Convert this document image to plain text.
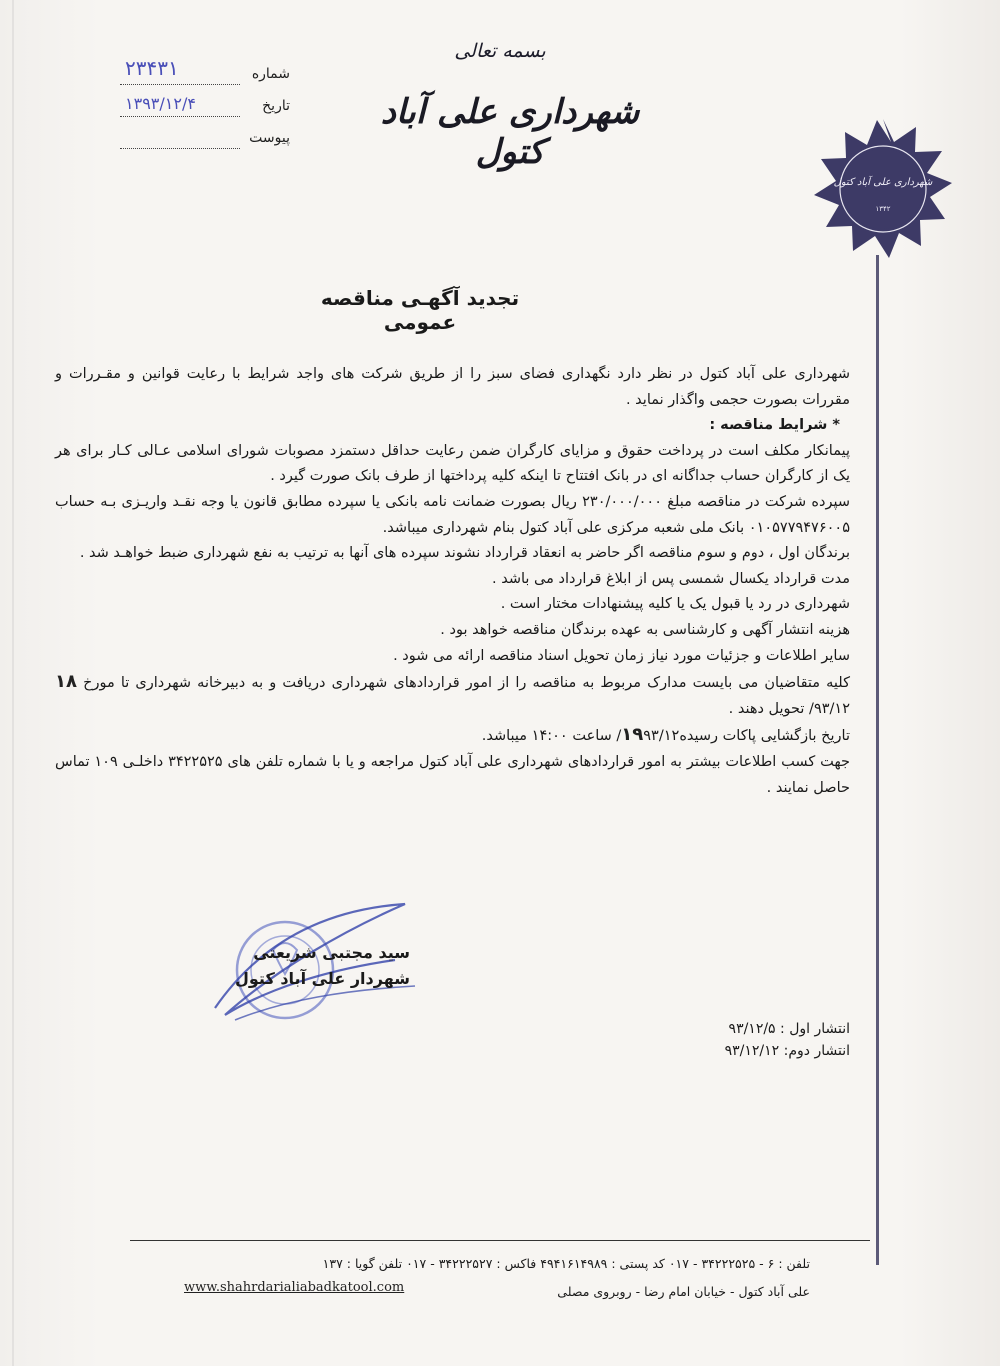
بسمه تعالی
شهرداری علی آباد کتول
شماره
۲۳۴۳۱
تاریخ
۱۳۹۳/۱۲/۴
پیوست
شهرداری علی آباد کتول
۱۳۴۲
تجدید آگهـی مناقصه عمومی

شهرداری علی آباد کتول در نظر دارد نگهداری فضای سبز را از طریق شرکت های واجد شرایط با رعایت قوانین و مقـررات و مقررات بصورت حجمی واگذار نماید .

* شرایط مناقصه :

پیمانکار مکلف است در پرداخت حقوق و مزایای کارگران ضمن رعایت حداقل دستمزد مصوبات شورای اسلامی عـالی کـار برای هر یک از کارگران حساب جداگانه ای در بانک افتتاح تا اینکه کلیه پرداختها از طرف بانک صورت گیرد .

سپرده شرکت در مناقصه مبلغ ۲۳۰/۰۰۰/۰۰۰ ریال بصورت ضمانت نامه بانکی یا سپرده مطابق قانون یا وجه نقـد واریـزی بـه حساب ۰۱۰۵۷۷۹۴۷۶۰۰۵ بانک ملی شعبه مرکزی علی آباد کتول بنام شهرداری میباشد.

برندگان اول ، دوم و سوم مناقصه اگر حاضر به انعقاد قرارداد نشوند سپرده های آنها به ترتیب به نفع شهرداری ضبط خواهـد شد .

مدت قرارداد یکسال شمسی پس از ابلاغ قرارداد می باشد .

شهرداری در رد یا قبول یک یا کلیه پیشنهادات مختار است .

هزینه انتشار آگهی و کارشناسی به عهده برندگان مناقصه خواهد بود .

سایر اطلاعات و جزئیات مورد نیاز زمان تحویل اسناد مناقصه ارائه می شود .

کلیه متقاضیان می بایست مدارک مربوط به مناقصه را از امور قراردادهای شهرداری دریافت و به دبیرخانه شهرداری تا مورخ ۱۸ ۹۳/۱۲/ تحویل دهند .

تاریخ بازگشایی پاکات رسیده۱۹۹۳/۱۲/ ساعت ۱۴:۰۰ میباشد.

جهت کسب اطلاعات بیشتر به امور قراردادهای شهرداری علی آباد کتول مراجعه و یا با شماره تلفن های ۳۴۲۲۵۲۵ داخلـی ۱۰۹ تماس حاصل نمایند .

سید مجتبی شریعتی
شهردار علی آباد کتول
انتشار اول : ۹۳/۱۲/۵
انتشار دوم: ۹۳/۱۲/۱۲
تلفن : ۶ - ۳۴۲۲۲۵۲۵ - ۰۱۷ کد پستی : ۴۹۴۱۶۱۴۹۸۹ فاکس : ۳۴۲۲۲۵۲۷ - ۰۱۷ تلفن گویا : ۱۳۷
علی آباد کتول - خیابان امام رضا - روبروی مصلی
www.shahrdarialiabadkatool.com
